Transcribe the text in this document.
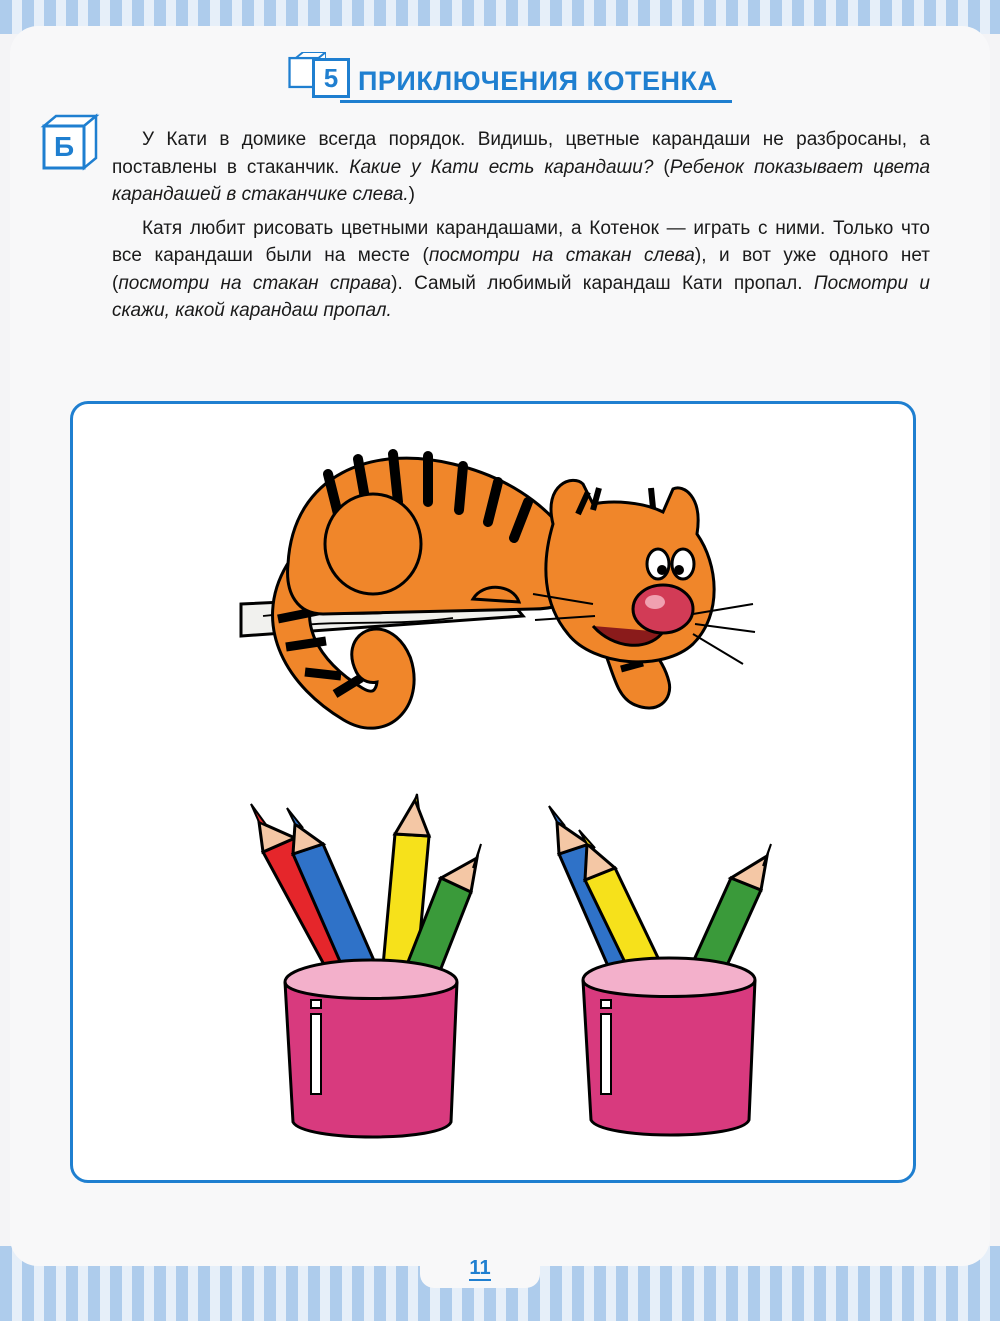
5 ПРИКЛЮЧЕНИЯ КОТЕНКА
Б	У Кати в домике всегда порядок. Видишь, цветные карандаши не разбросаны, а поставлены в стаканчик. Какие у Кати есть карандаши? (Ребенок показывает цвета карандашей в стаканчике слева.)

Катя любит рисовать цветными карандашами, а Котенок — играть с ними. Только что все карандаши были на месте (посмотри на стакан слева), и вот уже одного нет (посмотри на стакан справа). Самый любимый карандаш Кати пропал. Посмотри и скажи, какой карандаш пропал.

11
